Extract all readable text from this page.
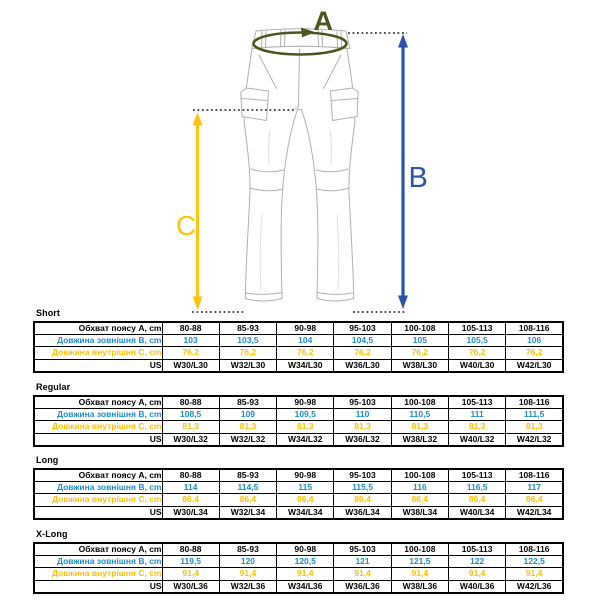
A
B
C
Short
Обхват поясу A, cm	80-88	85-93	90-98	95-103	100-108	105-113	108-116
Довжина зовнішня B, cm	103	103,5	104	104,5	105	105,5	106
Довжина внутрішня C, cm	76,2	76,2	76,2	76,2	76,2	76,2	76,2
US	W30/L30	W32/L30	W34/L30	W36/L30	W38/L30	W40/L30	W42/L30
Regular
Обхват поясу A, cm	80-88	85-93	90-98	95-103	100-108	105-113	108-116
Довжина зовнішня B, cm	108,5	109	109,5	110	110,5	111	111,5
Довжина внутрішня C, cm	81,3	81,3	81,3	81,3	81,3	81,3	81,3
US	W30/L32	W32/L32	W34/L32	W36/L32	W38/L32	W40/L32	W42/L32
Long
Обхват поясу A, cm	80-88	85-93	90-98	95-103	100-108	105-113	108-116
Довжина зовнішня B, cm	114	114,5	115	115,5	116	116,5	117
Довжина внутрішня C, cm	86,4	86,4	86,4	86,4	86,4	86,4	86,4
US	W30/L34	W32/L34	W34/L34	W36/L34	W38/L34	W40/L34	W42/L34
X-Long
Обхват поясу A, cm	80-88	85-93	90-98	95-103	100-108	105-113	108-116
Довжина зовнішня B, cm	119,5	120	120,5	121	121,5	122	122,5
Довжина внутрішня C, cm	91,4	91,4	91,4	91,4	91,4	91,4	91,4
US	W30/L36	W32/L36	W34/L36	W36/L36	W38/L36	W40/L36	W42/L36
